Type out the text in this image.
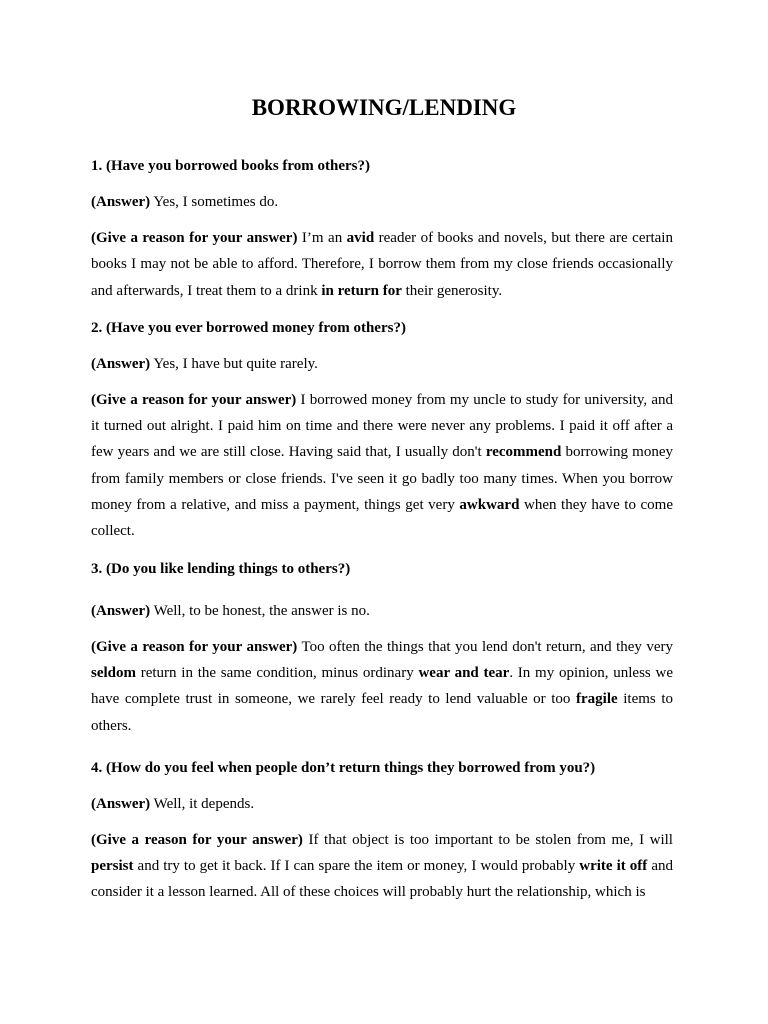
BORROWING/LENDING

1. (Have you borrowed books from others?)

(Answer) Yes, I sometimes do.

(Give a reason for your answer) I’m an avid reader of books and novels, but there are certain books I may not be able to afford. Therefore, I borrow them from my close friends occasionally and afterwards, I treat them to a drink in return for their generosity.

2. (Have you ever borrowed money from others?)

(Answer) Yes, I have but quite rarely.

(Give a reason for your answer) I borrowed money from my uncle to study for university, and it turned out alright. I paid him on time and there were never any problems. I paid it off after a few years and we are still close. Having said that, I usually don't recommend borrowing money from family members or close friends. I've seen it go badly too many times. When you borrow money from a relative, and miss a payment, things get very awkward when they have to come collect.

3. (Do you like lending things to others?)

(Answer) Well, to be honest, the answer is no.

(Give a reason for your answer) Too often the things that you lend don't return, and they very seldom return in the same condition, minus ordinary wear and tear. In my opinion, unless we have complete trust in someone, we rarely feel ready to lend valuable or too fragile items to others.

4. (How do you feel when people don’t return things they borrowed from you?)

(Answer) Well, it depends.

(Give a reason for your answer) If that object is too important to be stolen from me, I will persist and try to get it back. If I can spare the item or money, I would probably write it off and consider it a lesson learned. All of these choices will probably hurt the relationship, which is
